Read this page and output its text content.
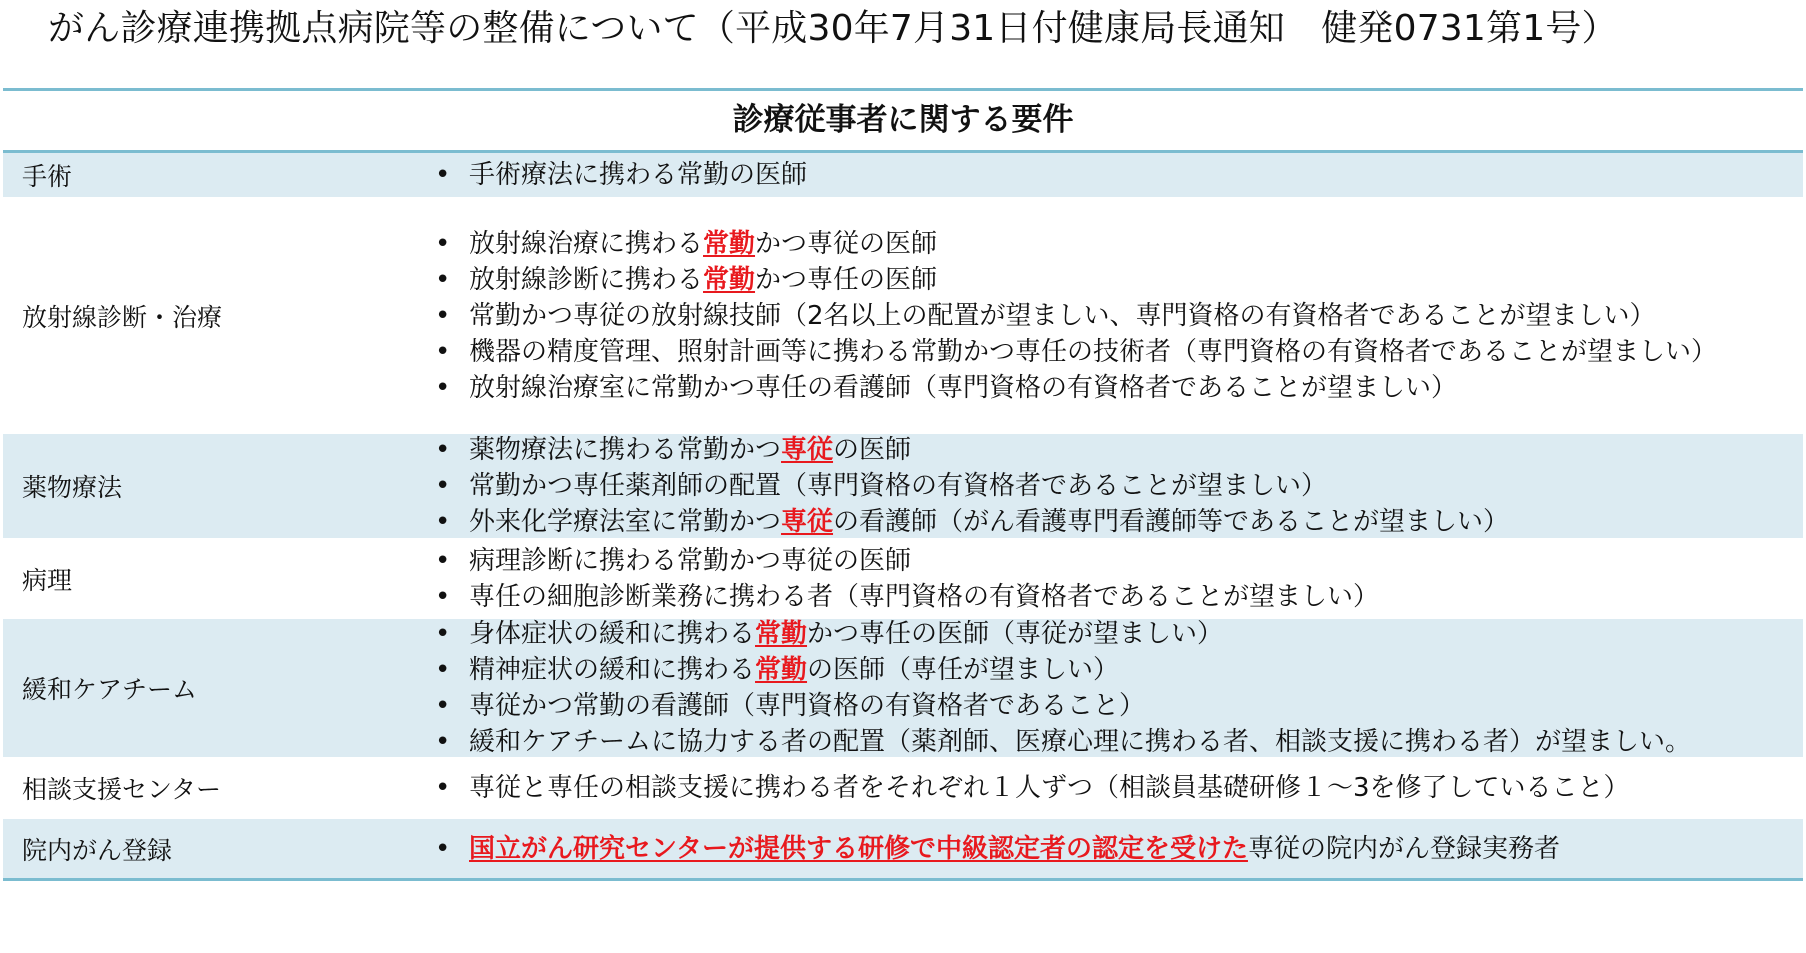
がん診療連携拠点病院等の整備について（平成30年7月31日付健康局長通知　健発0731第1号）
診療従事者に関する要件
手術	• 手術療法に携わる常勤の医師
放射線診断・治療
• 放射線治療に携わる常勤かつ専従の医師
• 放射線診断に携わる常勤かつ専任の医師
• 常勤かつ専従の放射線技師（2名以上の配置が望ましい、専門資格の有資格者であることが望ましい）
• 機器の精度管理、照射計画等に携わる常勤かつ専任の技術者（専門資格の有資格者であることが望ましい）
• 放射線治療室に常勤かつ専任の看護師（専門資格の有資格者であることが望ましい）
薬物療法
• 薬物療法に携わる常勤かつ専従の医師
• 常勤かつ専任薬剤師の配置（専門資格の有資格者であることが望ましい）
• 外来化学療法室に常勤かつ専従の看護師（がん看護専門看護師等であることが望ましい）
病理
• 病理診断に携わる常勤かつ専従の医師
• 専任の細胞診断業務に携わる者（専門資格の有資格者であることが望ましい）
緩和ケアチーム
• 身体症状の緩和に携わる常勤かつ専任の医師（専従が望ましい）
• 精神症状の緩和に携わる常勤の医師（専任が望ましい）
• 専従かつ常勤の看護師（専門資格の有資格者であること）
• 緩和ケアチームに協力する者の配置（薬剤師、医療心理に携わる者、相談支援に携わる者）が望ましい。
相談支援センター	• 専従と専任の相談支援に携わる者をそれぞれ１人ずつ（相談員基礎研修１～3を修了していること）
院内がん登録	• 国立がん研究センターが提供する研修で中級認定者の認定を受けた専従の院内がん登録実務者
